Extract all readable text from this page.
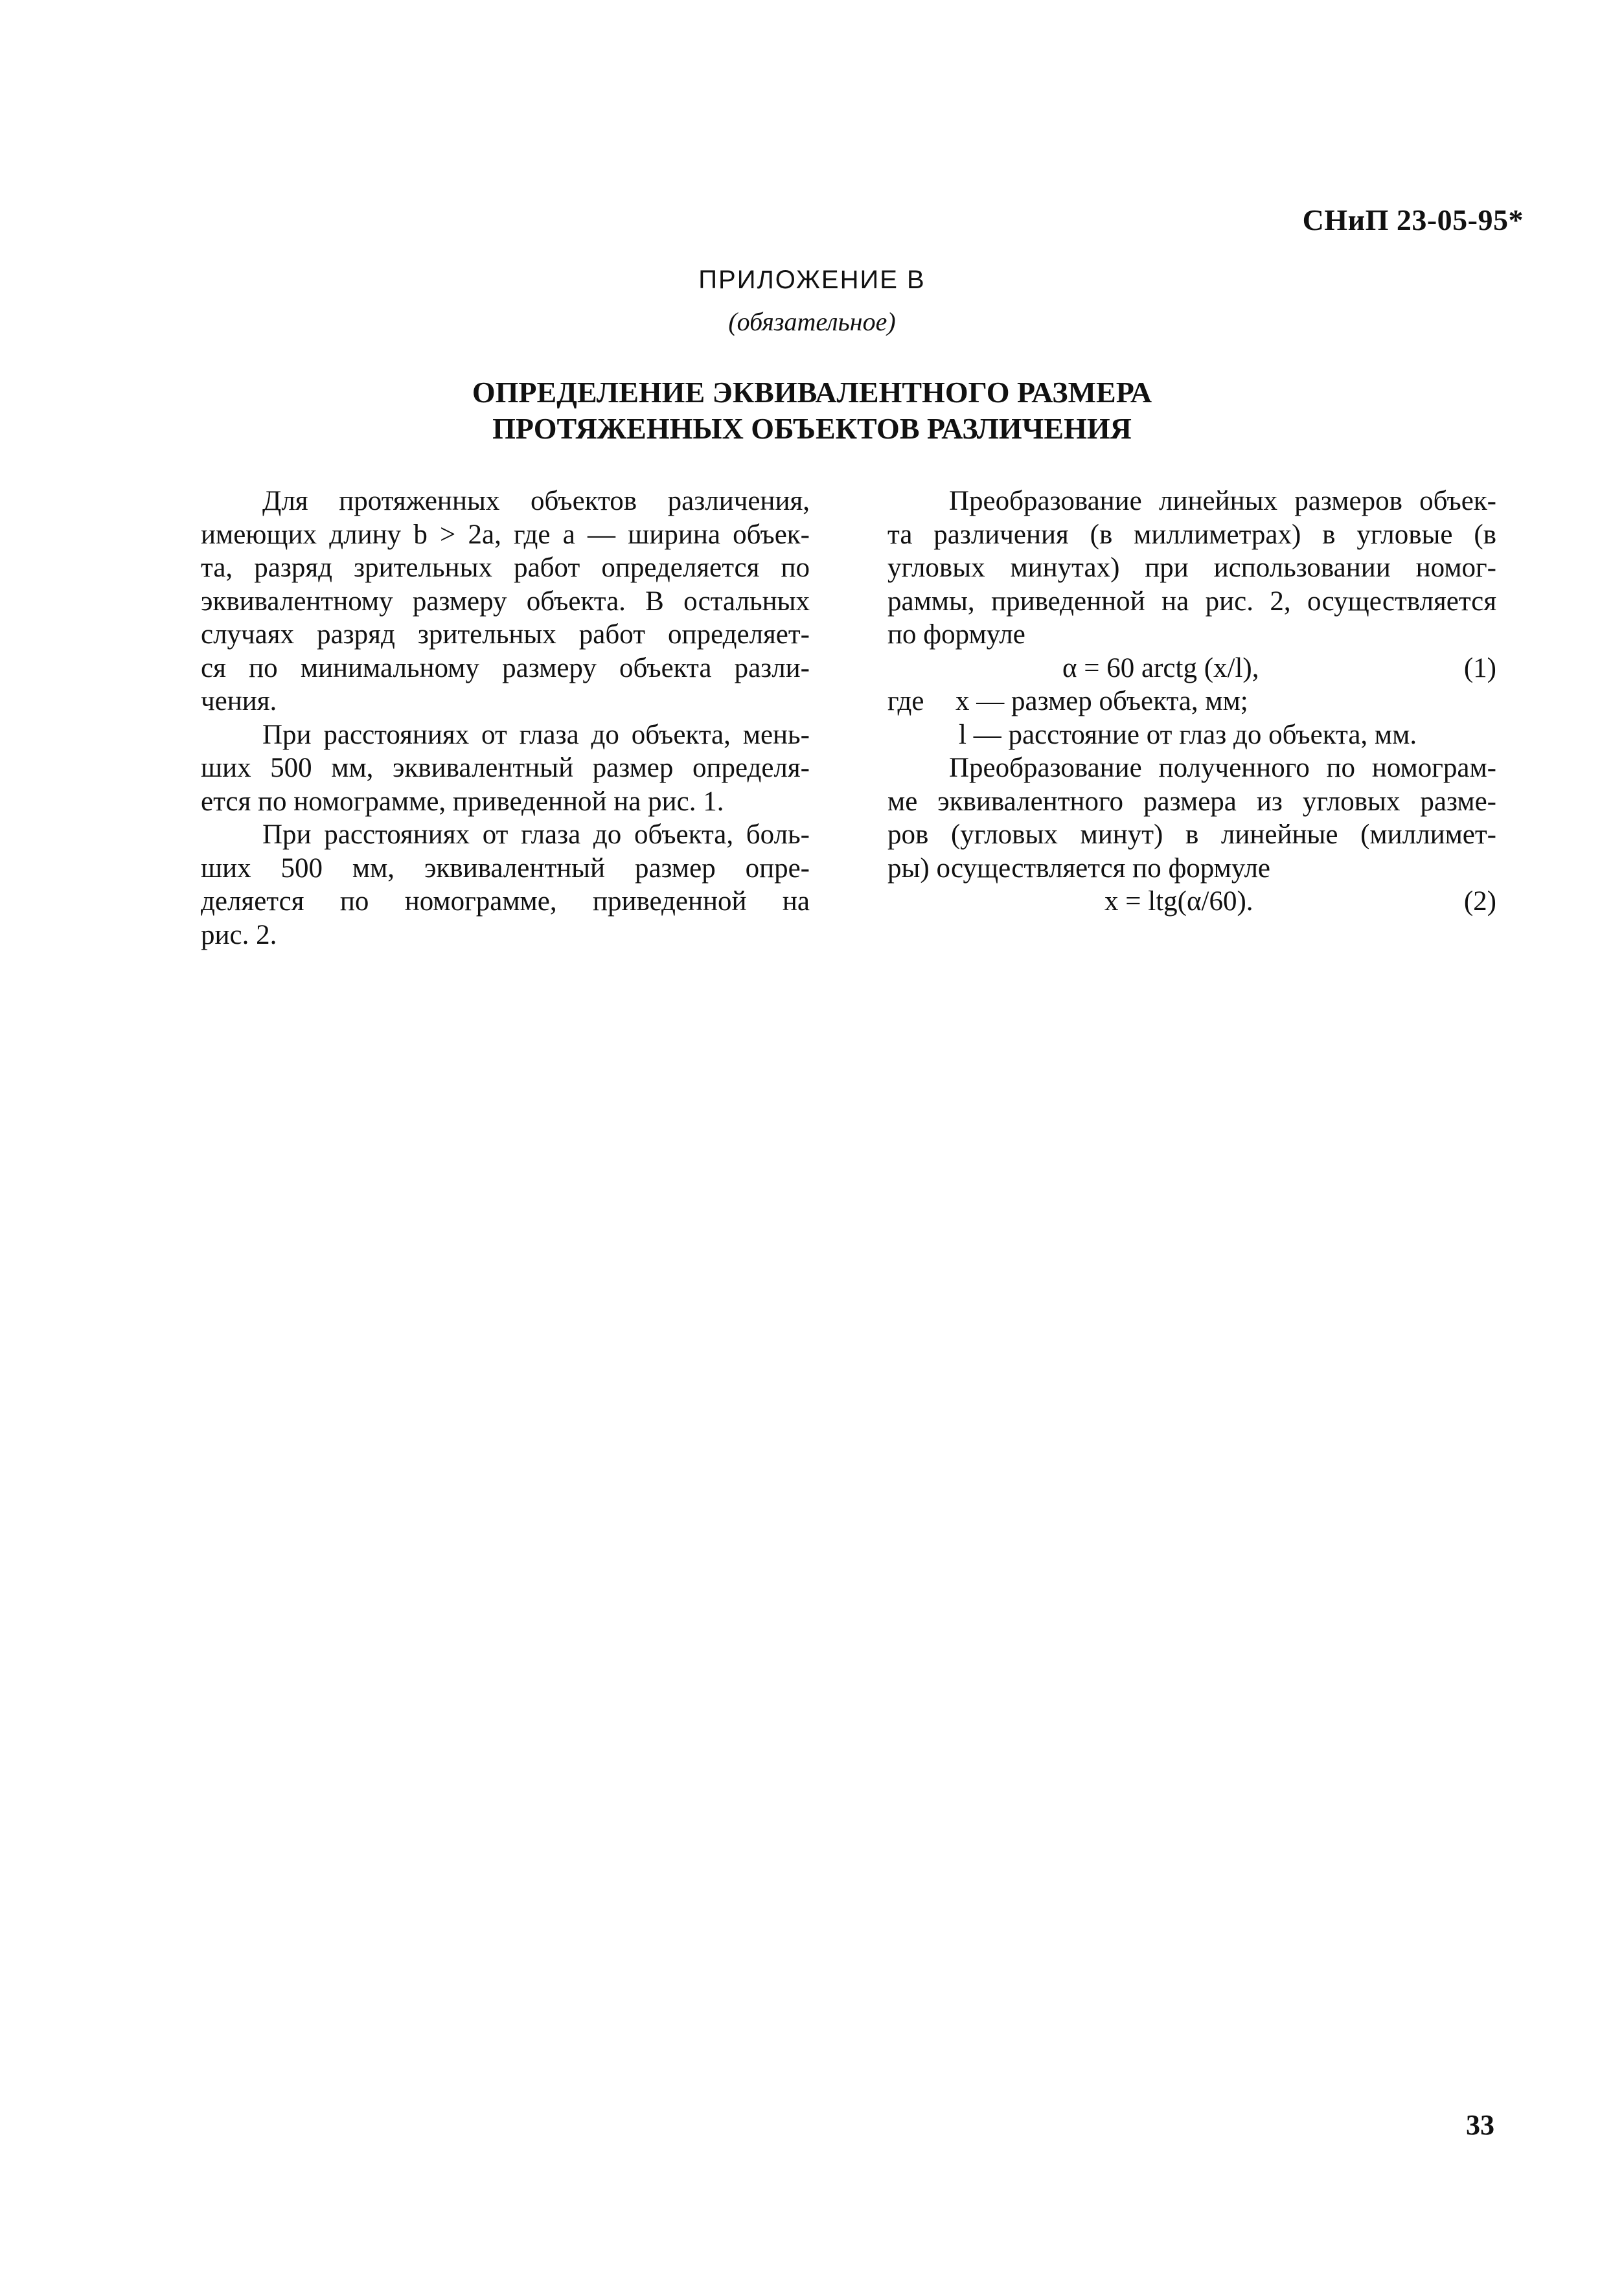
СНиП 23-05-95*
ПРИЛОЖЕНИЕ В
(обязательное)
ОПРЕДЕЛЕНИЕ ЭКВИВАЛЕНТНОГО РАЗМЕРА
ПРОТЯЖЕННЫХ ОБЪЕКТОВ РАЗЛИЧЕНИЯ
Для протяженных объектов различения,
имеющих длину b > 2a, где a — ширина объек-
та, разряд зрительных работ определяется по
эквивалентному размеру объекта. В остальных
случаях разряд зрительных работ определяет-
ся по минимальному размеру объекта разли-
чения.
При расстояниях от глаза до объекта, мень-
ших 500 мм, эквивалентный размер определя-
ется по номограмме, приведенной на рис. 1.
При расстояниях от глаза до объекта, боль-
ших 500 мм, эквивалентный размер опре-
деляется по номограмме, приведенной на
рис. 2.
Преобразование линейных размеров объек-
та различения (в миллиметрах) в угловые (в
угловых минутах) при использовании номог-
раммы, приведенной на рис. 2, осуществляется
по формуле
α = 60 arctg (x/l),	(1)
где x — размер объекта, мм;
l — расстояние от глаз до объекта, мм.
Преобразование полученного по номограм-
ме эквивалентного размера из угловых разме-
ров (угловых минут) в линейные (миллимет-
ры) осуществляется по формуле
x = ltg(α/60).	(2)
33
